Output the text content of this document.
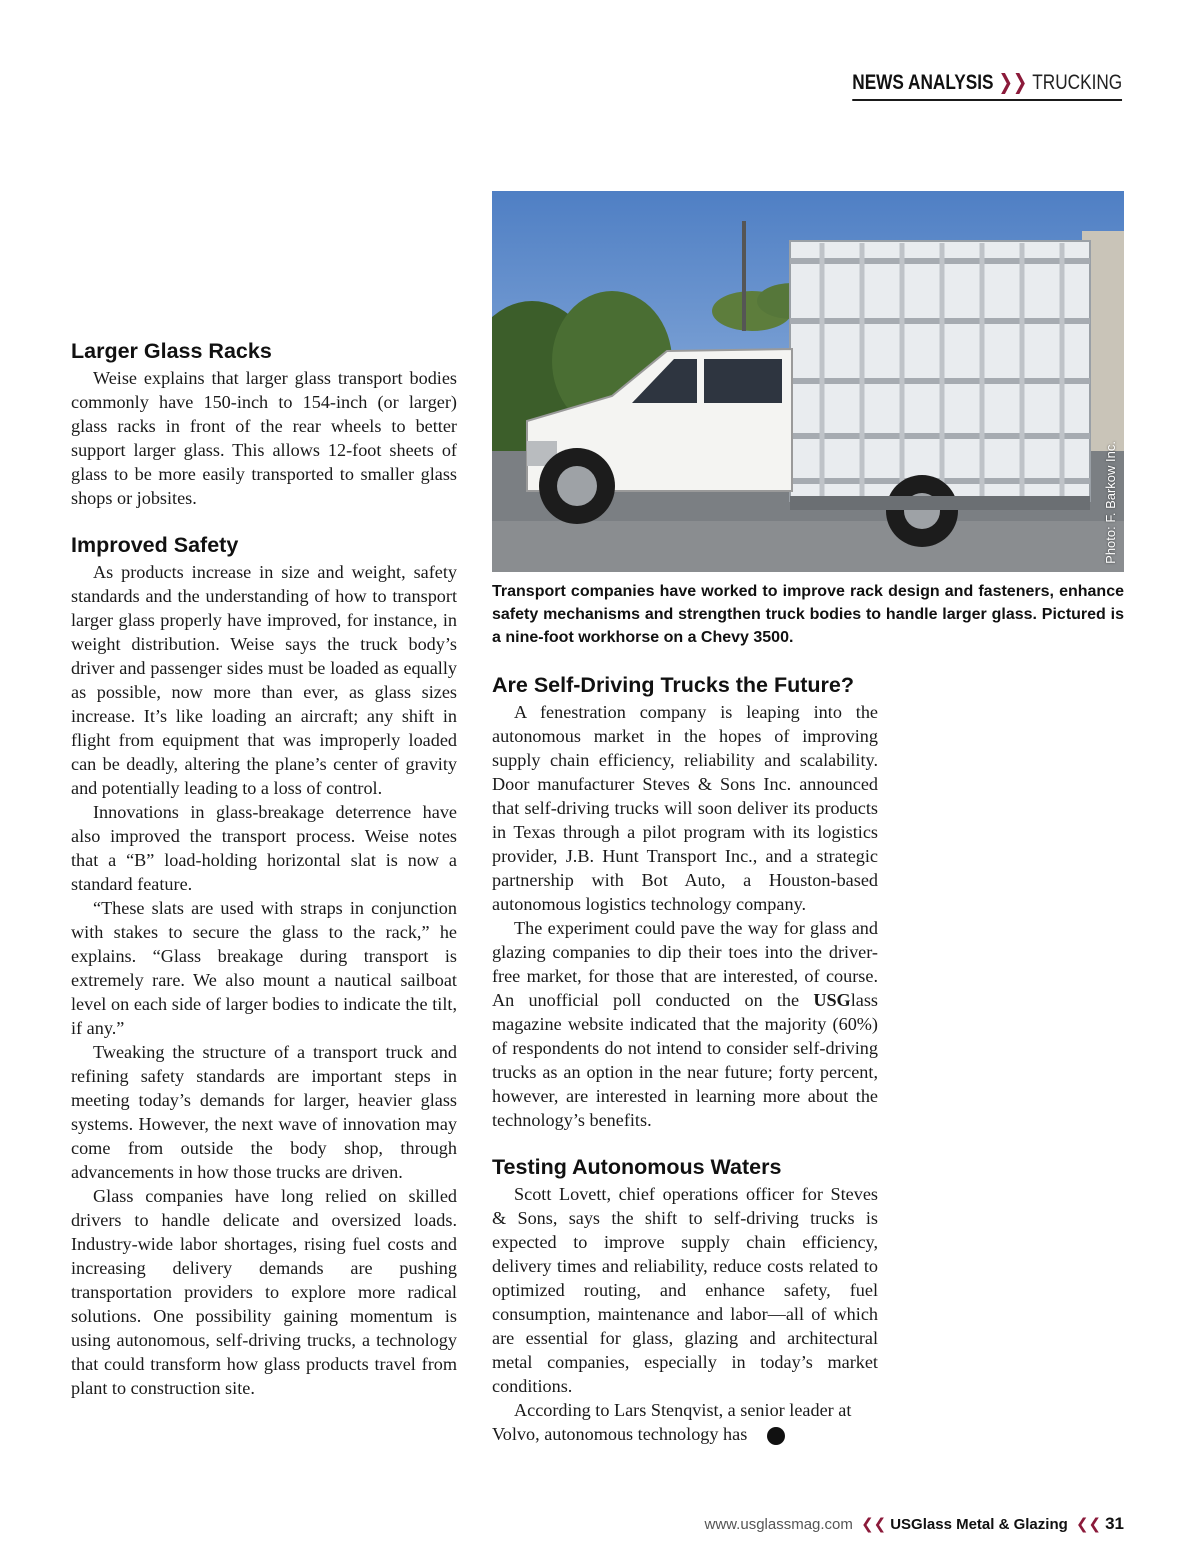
NEWS ANALYSIS ❯❯ TRUCKING
Larger Glass Racks

Weise explains that larger glass transport bodies commonly have 150-inch to 154-inch (or larger) glass racks in front of the rear wheels to better support larger glass. This allows 12-foot sheets of glass to be more easily transported to smaller glass shops or jobsites.

Improved Safety

As products increase in size and weight, safety standards and the understanding of how to transport larger glass properly have improved, for instance, in weight distribution. Weise says the truck body’s driver and passenger sides must be loaded as equally as possible, now more than ever, as glass sizes increase. It’s like loading an aircraft; any shift in flight from equipment that was improperly loaded can be deadly, altering the plane’s center of gravity and potentially leading to a loss of control.

Innovations in glass-breakage deterrence have also improved the transport process. Weise notes that a “B” load-holding horizontal slat is now a standard feature.

“These slats are used with straps in conjunction with stakes to secure the glass to the rack,” he explains. “Glass breakage during transport is extremely rare. We also mount a nautical sailboat level on each side of larger bodies to indicate the tilt, if any.”

Tweaking the structure of a transport truck and refining safety standards are important steps in meeting today’s demands for larger, heavier glass systems. However, the next wave of innovation may come from outside the body shop, through advancements in how those trucks are driven.

Glass companies have long relied on skilled drivers to handle delicate and oversized loads. Industry-wide labor shortages, rising fuel costs and increasing delivery demands are pushing transportation providers to explore more radical solutions. One possibility gaining momentum is using autonomous, self-driving trucks, a technology that could transform how glass products travel from plant to construction site.

Photo: F. Barkow Inc.
Transport companies have worked to improve rack design and fasteners, enhance safety mechanisms and strengthen truck bodies to handle larger glass. Pictured is a nine-foot workhorse on a Chevy 3500.
Are Self-Driving Trucks the Future?

A fenestration company is leaping into the autonomous market in the hopes of improving supply chain efficiency, reliability and scalability. Door manufacturer Steves & Sons Inc. announced that self-driving trucks will soon deliver its products in Texas through a pilot program with its logistics provider, J.B. Hunt Transport Inc., and a strategic partnership with Bot Auto, a Houston-based autonomous logistics technology company.

The experiment could pave the way for glass and glazing companies to dip their toes into the driver-free market, for those that are interested, of course. An unofficial poll conducted on the USGlass magazine website indicated that the majority (60%) of respondents do not intend to consider self-driving trucks as an option in the near future; forty percent, however, are interested in learning more about the technology’s benefits.

Testing Autonomous Waters

Scott Lovett, chief operations officer for Steves & Sons, says the shift to self-driving trucks is expected to improve supply chain efficiency, delivery times and reliability, reduce costs related to optimized routing, and enhance safety, fuel consumption, maintenance and labor—all of which are essential for glass, glazing and architectural metal companies, especially in today’s market conditions.

According to Lars Stenqvist, a senior leader at Volvo, autonomous technology has	➜

www.usglassmag.com ❮❮ USGlass Metal & Glazing ❮❮ 31
